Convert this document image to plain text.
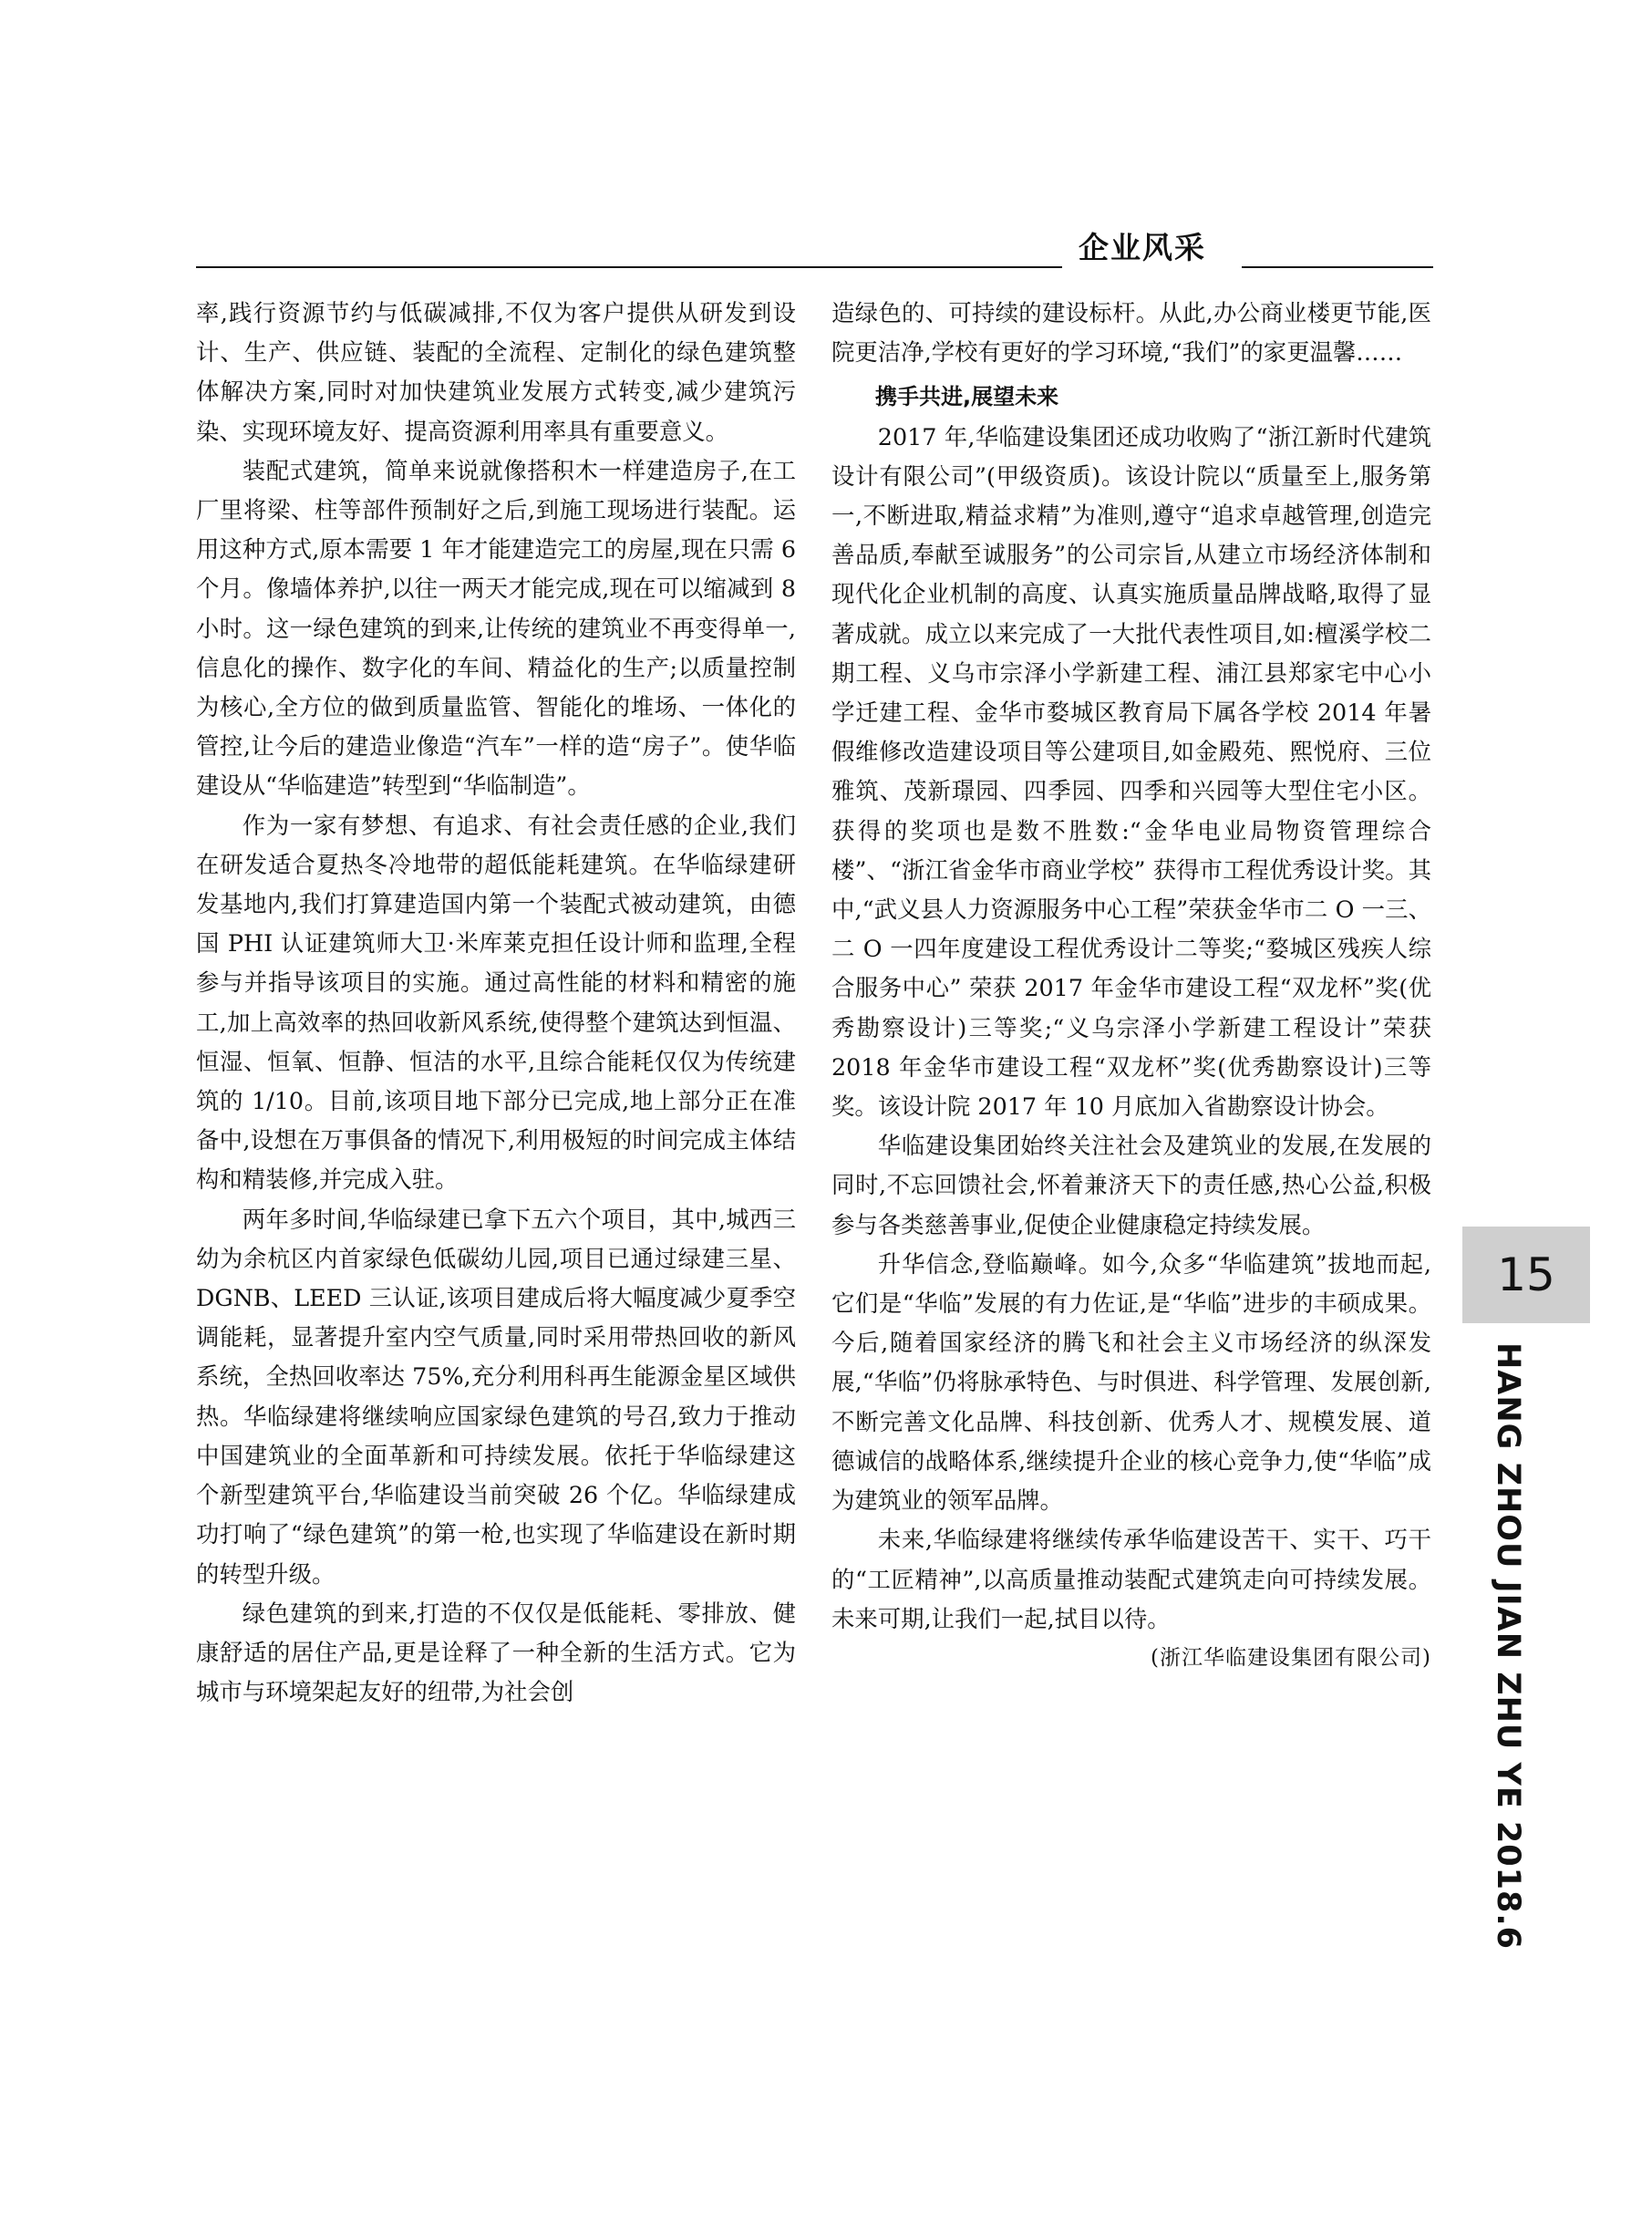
企业风采

率,践行资源节约与低碳减排,不仅为客户提供从研发到设计、生产、供应链、装配的全流程、定制化的绿色建筑整体解决方案,同时对加快建筑业发展方式转变,减少建筑污染、实现环境友好、提高资源利用率具有重要意义。

装配式建筑，简单来说就像搭积木一样建造房子,在工厂里将梁、柱等部件预制好之后,到施工现场进行装配。运用这种方式,原本需要 1 年才能建造完工的房屋,现在只需 6 个月。像墙体养护,以往一两天才能完成,现在可以缩减到 8 小时。这一绿色建筑的到来,让传统的建筑业不再变得单一,信息化的操作、数字化的车间、精益化的生产;以质量控制为核心,全方位的做到质量监管、智能化的堆场、一体化的管控,让今后的建造业像造“汽车”一样的造“房子”。使华临建设从“华临建造”转型到“华临制造”。

作为一家有梦想、有追求、有社会责任感的企业,我们在研发适合夏热冬冷地带的超低能耗建筑。在华临绿建研发基地内,我们打算建造国内第一个装配式被动建筑，由德国 PHI 认证建筑师大卫·米库莱克担任设计师和监理,全程参与并指导该项目的实施。通过高性能的材料和精密的施工,加上高效率的热回收新风系统,使得整个建筑达到恒温、恒湿、恒氧、恒静、恒洁的水平,且综合能耗仅仅为传统建筑的 1/10。目前,该项目地下部分已完成,地上部分正在准备中,设想在万事俱备的情况下,利用极短的时间完成主体结构和精装修,并完成入驻。

两年多时间,华临绿建已拿下五六个项目，其中,城西三幼为余杭区内首家绿色低碳幼儿园,项目已通过绿建三星、DGNB、LEED 三认证,该项目建成后将大幅度减少夏季空调能耗，显著提升室内空气质量,同时采用带热回收的新风系统，全热回收率达 75%,充分利用科再生能源金星区域供热。华临绿建将继续响应国家绿色建筑的号召,致力于推动中国建筑业的全面革新和可持续发展。依托于华临绿建这个新型建筑平台,华临建设当前突破 26 个亿。华临绿建成功打响了“绿色建筑”的第一枪,也实现了华临建设在新时期的转型升级。

绿色建筑的到来,打造的不仅仅是低能耗、零排放、健康舒适的居住产品,更是诠释了一种全新的生活方式。它为城市与环境架起友好的纽带,为社会创

造绿色的、可持续的建设标杆。从此,办公商业楼更节能,医院更洁净,学校有更好的学习环境,“我们”的家更温馨……

携手共进,展望未来

2017 年,华临建设集团还成功收购了“浙江新时代建筑设计有限公司”(甲级资质)。该设计院以“质量至上,服务第一,不断进取,精益求精”为准则,遵守“追求卓越管理,创造完善品质,奉献至诚服务”的公司宗旨,从建立市场经济体制和现代化企业机制的高度、认真实施质量品牌战略,取得了显著成就。成立以来完成了一大批代表性项目,如:檀溪学校二期工程、义乌市宗泽小学新建工程、浦江县郑家宅中心小学迁建工程、金华市婺城区教育局下属各学校 2014 年暑假维修改造建设项目等公建项目,如金殿苑、熙悦府、三位雅筑、茂新璟园、四季园、四季和兴园等大型住宅小区。获得的奖项也是数不胜数:“金华电业局物资管理综合楼”、“浙江省金华市商业学校” 获得市工程优秀设计奖。其中,“武义县人力资源服务中心工程”荣获金华市二 O 一三、二 O 一四年度建设工程优秀设计二等奖;“婺城区残疾人综合服务中心” 荣获 2017 年金华市建设工程“双龙杯”奖(优秀勘察设计)三等奖;“义乌宗泽小学新建工程设计”荣获 2018 年金华市建设工程“双龙杯”奖(优秀勘察设计)三等奖。该设计院 2017 年 10 月底加入省勘察设计协会。

华临建设集团始终关注社会及建筑业的发展,在发展的同时,不忘回馈社会,怀着兼济天下的责任感,热心公益,积极参与各类慈善事业,促使企业健康稳定持续发展。

升华信念,登临巅峰。如今,众多“华临建筑”拔地而起,它们是“华临”发展的有力佐证,是“华临”进步的丰硕成果。今后,随着国家经济的腾飞和社会主义市场经济的纵深发展,“华临”仍将脉承特色、与时俱进、科学管理、发展创新,不断完善文化品牌、科技创新、优秀人才、规模发展、道德诚信的战略体系,继续提升企业的核心竞争力,使“华临”成为建筑业的领军品牌。

未来,华临绿建将继续传承华临建设苦干、实干、巧干的“工匠精神”,以高质量推动装配式建筑走向可持续发展。未来可期,让我们一起,拭目以待。

(浙江华临建设集团有限公司)

15
HANG ZHOU JIAN ZHU YE 2018.6
